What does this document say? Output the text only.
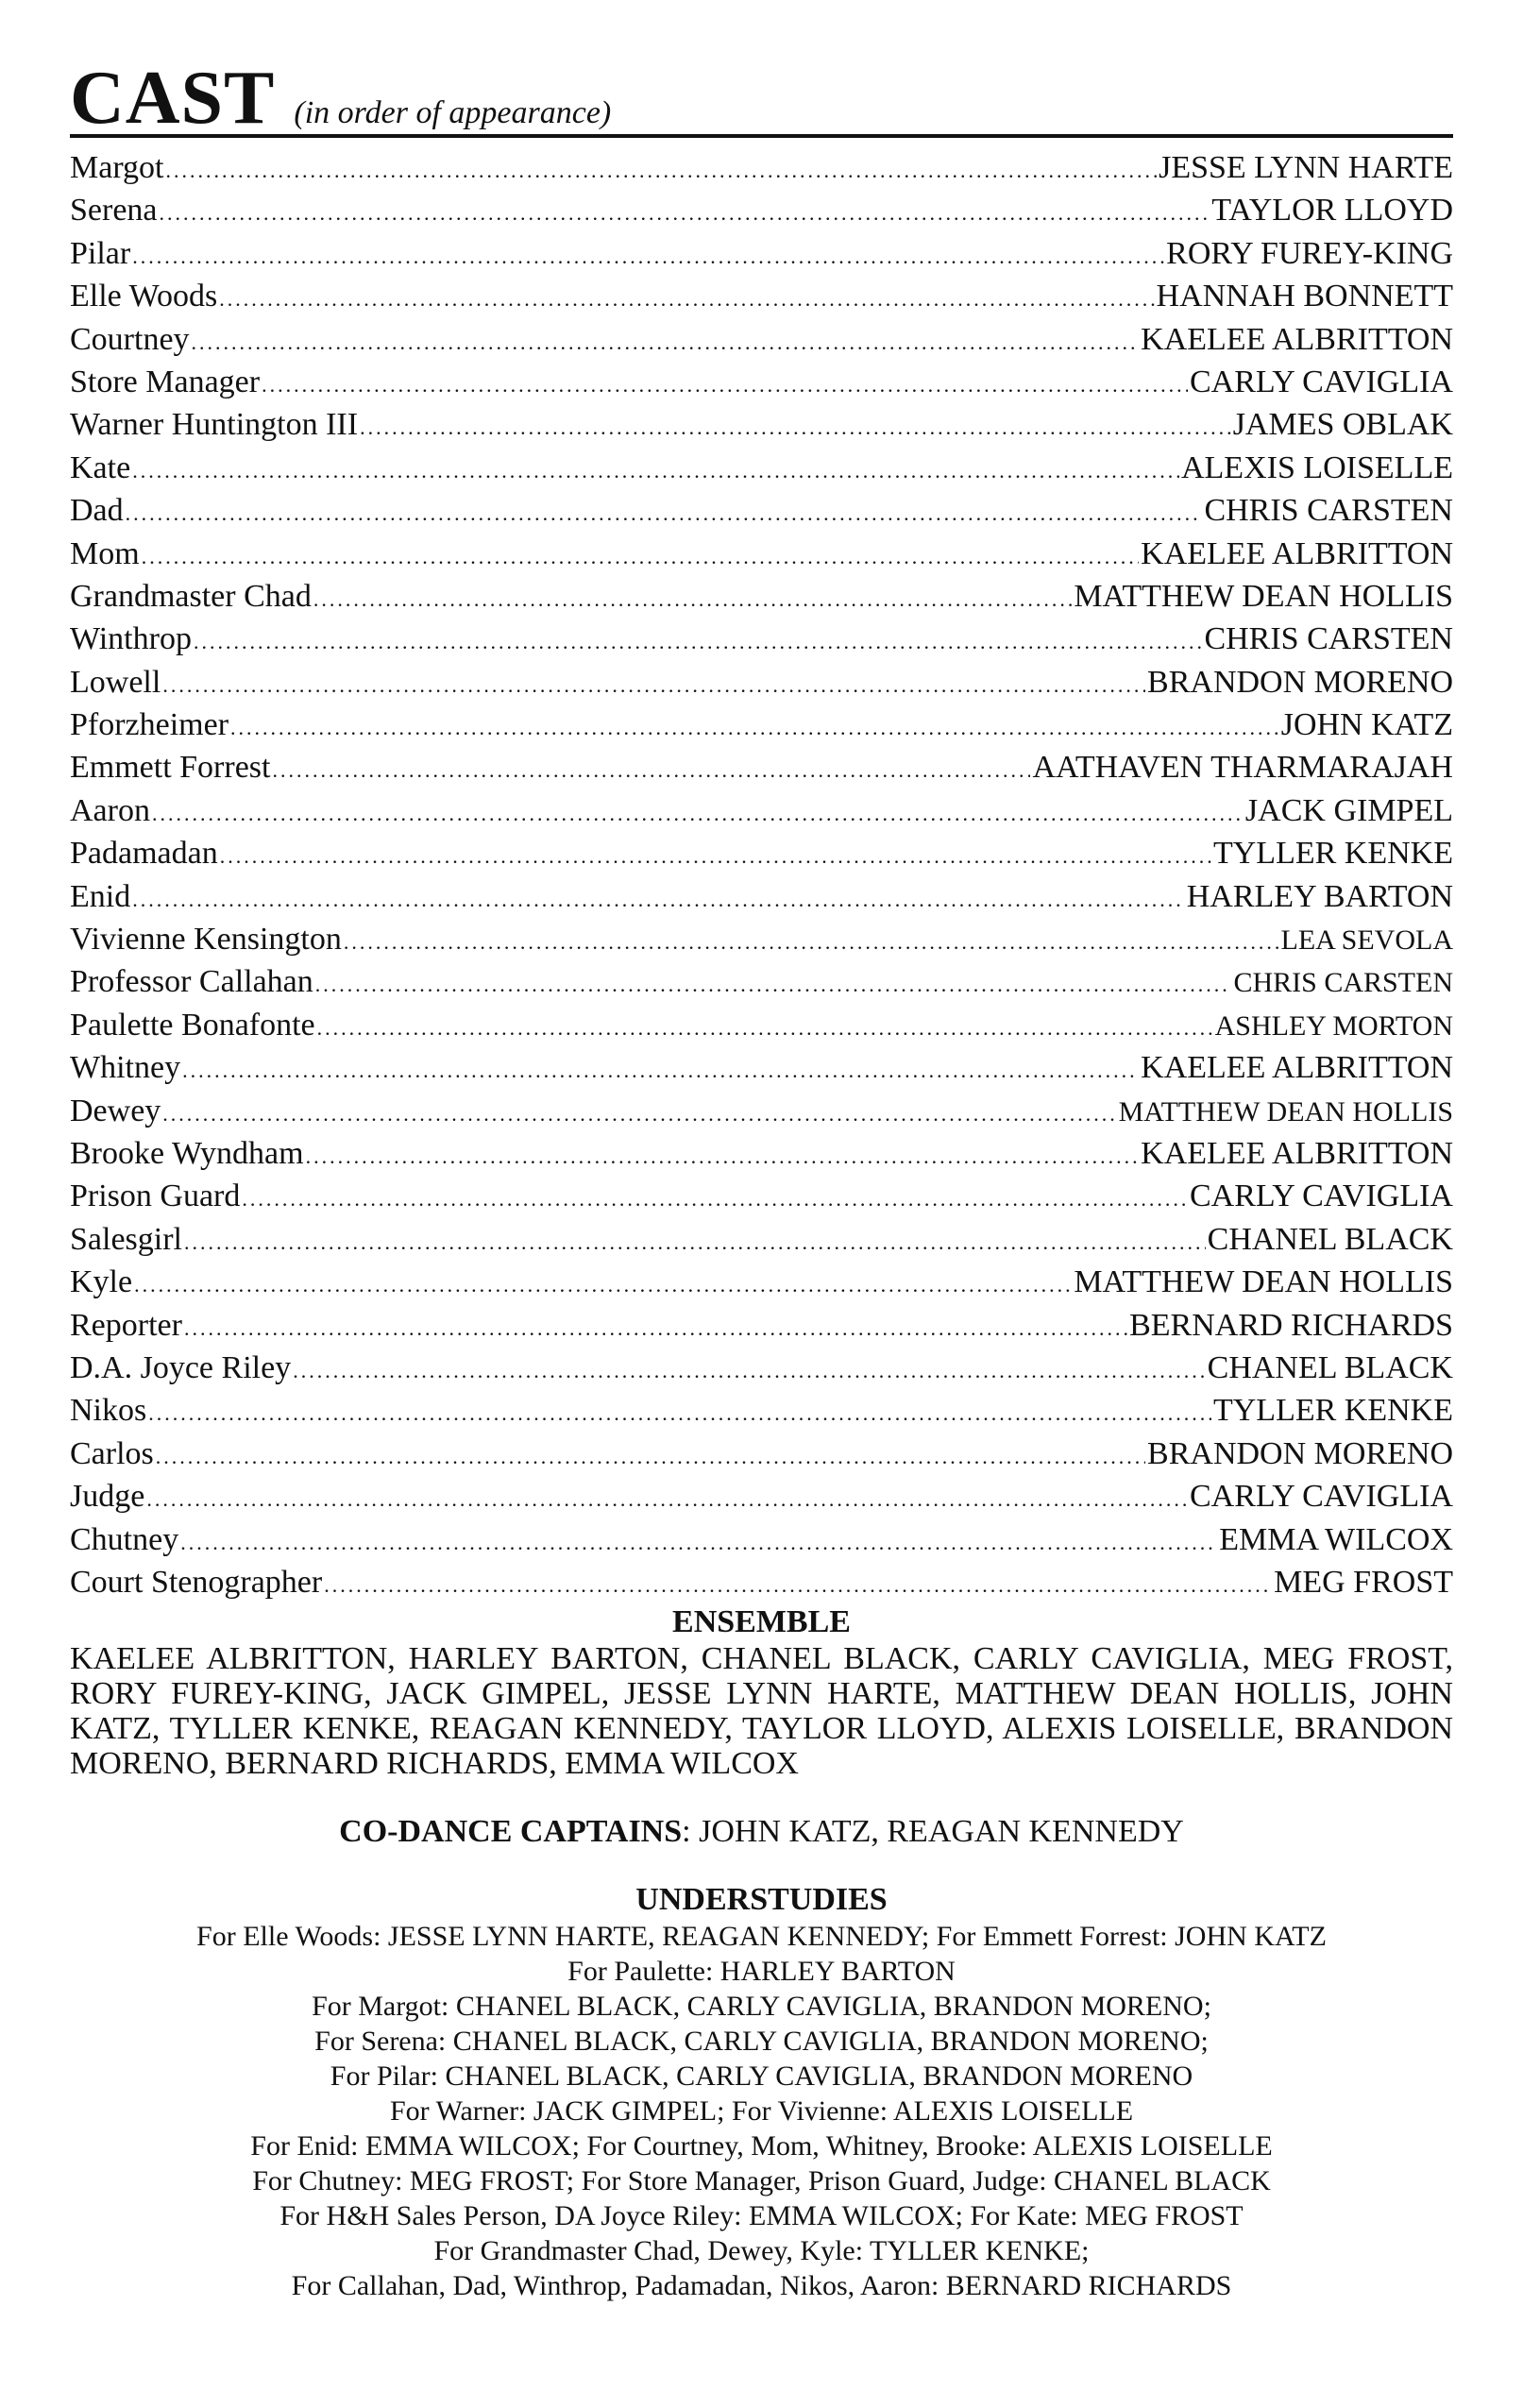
CAST (in order of appearance)
Margot .....	JESSE LYNN HARTE
Serena .....	TAYLOR LLOYD
Pilar .....	RORY FUREY-KING
Elle Woods .....	HANNAH BONNETT
Courtney .....	KAELEE ALBRITTON
Store Manager .....	CARLY CAVIGLIA
Warner Huntington III .....	JAMES OBLAK
Kate .....	ALEXIS LOISELLE
Dad .....	CHRIS CARSTEN
Mom .....	KAELEE ALBRITTON
Grandmaster Chad .....	MATTHEW DEAN HOLLIS
Winthrop .....	CHRIS CARSTEN
Lowell .....	BRANDON MORENO
Pforzheimer .....	JOHN KATZ
Emmett Forrest .....	AATHAVEN THARMARAJAH
Aaron .....	JACK GIMPEL
Padamadan .....	TYLLER KENKE
Enid .....	HARLEY BARTON
Vivienne Kensington .....	LEA SEVOLA
Professor Callahan .....	CHRIS CARSTEN
Paulette Bonafonte .....	ASHLEY MORTON
Whitney .....	KAELEE ALBRITTON
Dewey .....	MATTHEW DEAN HOLLIS
Brooke Wyndham .....	KAELEE ALBRITTON
Prison Guard .....	CARLY CAVIGLIA
Salesgirl .....	CHANEL BLACK
Kyle .....	MATTHEW DEAN HOLLIS
Reporter .....	BERNARD RICHARDS
D.A. Joyce Riley .....	CHANEL BLACK
Nikos .....	TYLLER KENKE
Carlos .....	BRANDON MORENO
Judge .....	CARLY CAVIGLIA
Chutney .....	EMMA WILCOX
Court Stenographer .....	MEG FROST
ENSEMBLE
KAELEE ALBRITTON, HARLEY BARTON, CHANEL BLACK, CARLY CAVIGLIA, MEG FROST, RORY FUREY-KING, JACK GIMPEL, JESSE LYNN HARTE, MATTHEW DEAN HOLLIS, JOHN KATZ, TYLLER KENKE, REAGAN KENNEDY, TAYLOR LLOYD, ALEXIS LOISELLE, BRANDON MORENO, BERNARD RICHARDS, EMMA WILCOX
CO-DANCE CAPTAINS: JOHN KATZ, REAGAN KENNEDY
UNDERSTUDIES
For Elle Woods: JESSE LYNN HARTE, REAGAN KENNEDY; For Emmett Forrest: JOHN KATZ
For Paulette: HARLEY BARTON
For Margot: CHANEL BLACK, CARLY CAVIGLIA, BRANDON MORENO;
For Serena: CHANEL BLACK, CARLY CAVIGLIA, BRANDON MORENO;
For Pilar: CHANEL BLACK, CARLY CAVIGLIA, BRANDON MORENO
For Warner: JACK GIMPEL; For Vivienne: ALEXIS LOISELLE
For Enid: EMMA WILCOX; For Courtney, Mom, Whitney, Brooke: ALEXIS LOISELLE
For Chutney: MEG FROST; For Store Manager, Prison Guard, Judge: CHANEL BLACK
For H&H Sales Person, DA Joyce Riley: EMMA WILCOX; For Kate: MEG FROST
For Grandmaster Chad, Dewey, Kyle: TYLLER KENKE;
For Callahan, Dad, Winthrop, Padamadan, Nikos, Aaron: BERNARD RICHARDS
